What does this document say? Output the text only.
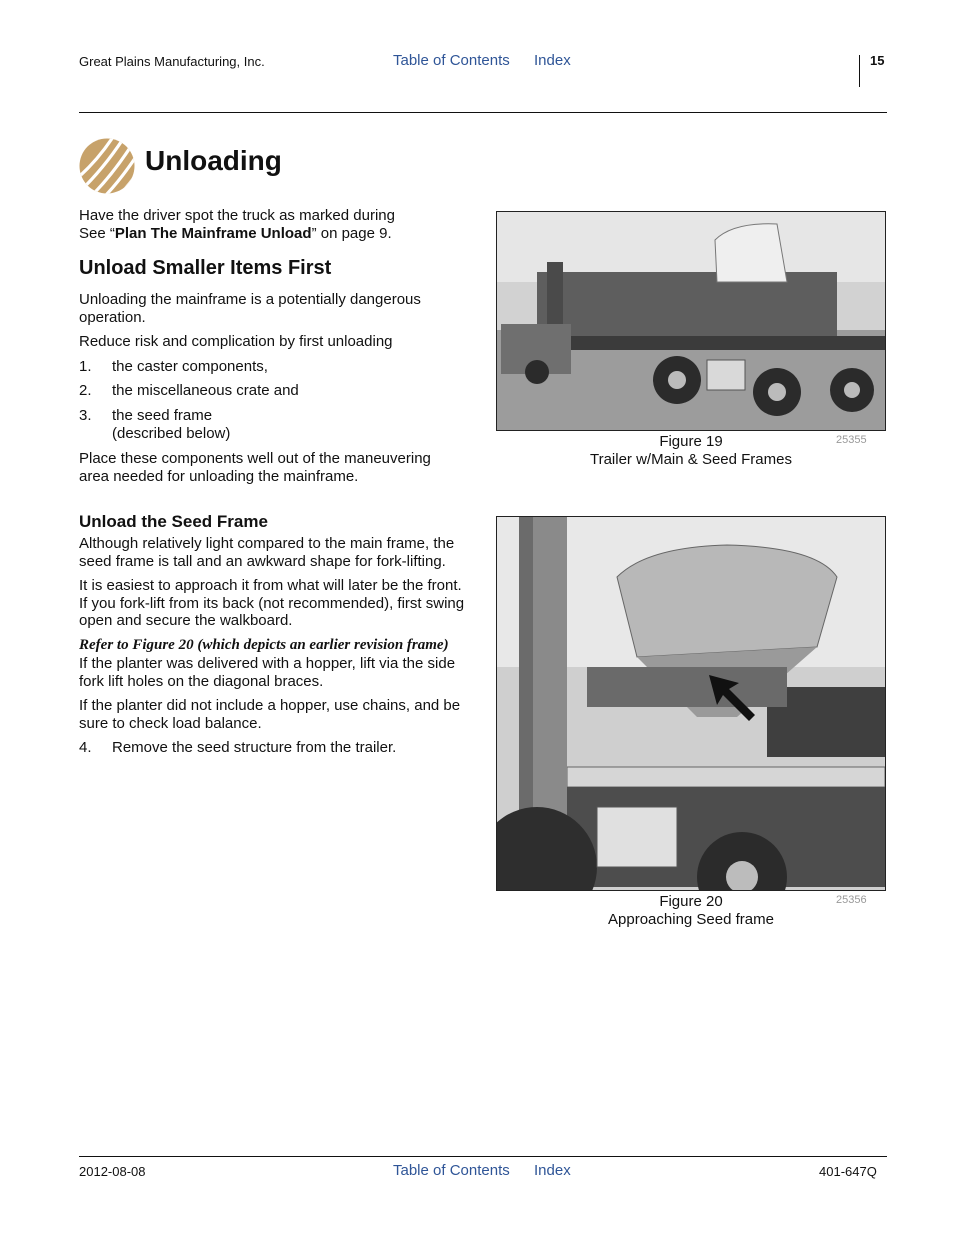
Great Plains Manufacturing, Inc.	Table of Contents Index	15
Unloading
Have the driver spot the truck as marked during
See “Plan The Mainframe Unload” on page 9.
Unload Smaller Items First
Unloading the mainframe is a potentially dangerous operation.
Reduce risk and complication by first unloading
1. the caster components,
2. the miscellaneous crate and
3. the seed frame
(described below)
Place these components well out of the maneuvering area needed for unloading the mainframe.
Unload the Seed Frame
Although relatively light compared to the main frame, the seed frame is tall and an awkward shape for fork-lifting.
It is easiest to approach it from what will later be the front. If you fork-lift from its back (not recommended), first swing open and secure the walkboard.
Refer to Figure 20 (which depicts an earlier revision frame)
If the planter was delivered with a hopper, lift via the side fork lift holes on the diagonal braces.
If the planter did not include a hopper, use chains, and be sure to check load balance.
4. Remove the seed structure from the trailer.
Figure 19
Trailer w/Main & Seed Frames
25355
Figure 20
Approaching Seed frame
25356
2012-08-08	Table of Contents Index	401-647Q
